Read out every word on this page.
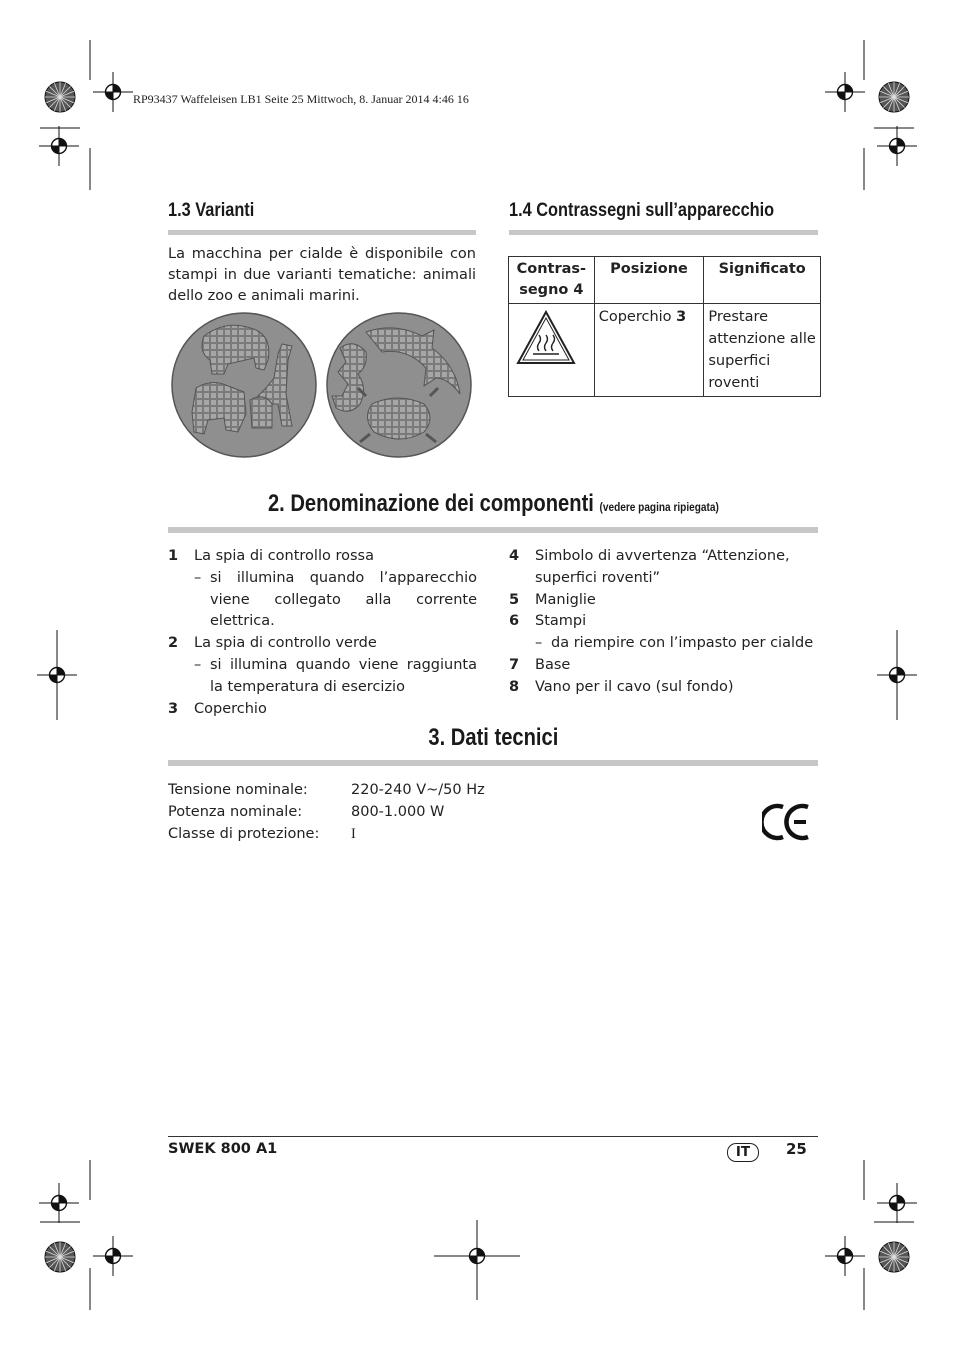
RP93437 Waffeleisen LB1 Seite 25 Mittwoch, 8. Januar 2014 4:46 16
1.3 Varianti
La macchina per cialde è disponibile con stampi in due varianti tematiche: animali dello zoo e animali marini.
1.4 Contrassegni sull’apparecchio
Contras-segno 4	Posizione	Significato
	Coperchio 3	Prestare attenzione alle superfici roventi
2. Denominazione dei componenti (vedere pagina ripiegata)
1	La spia di controllo rossa
– si illumina quando l’apparecchio viene collegato alla corrente elettrica.
2	La spia di controllo verde
– si illumina quando viene raggiunta la temperatura di esercizio
3	Coperchio
4	Simbolo di avvertenza “Attenzione, superfici roventi”
5	Maniglie
6	Stampi
– da riempire con l’impasto per cialde
7	Base
8	Vano per il cavo (sul fondo)
3. Dati tecnici
Tensione nominale:	220-240 V~/50 Hz
Potenza nominale:	800-1.000 W
Classe di protezione:	I
SWEK 800 A1	IT	25
